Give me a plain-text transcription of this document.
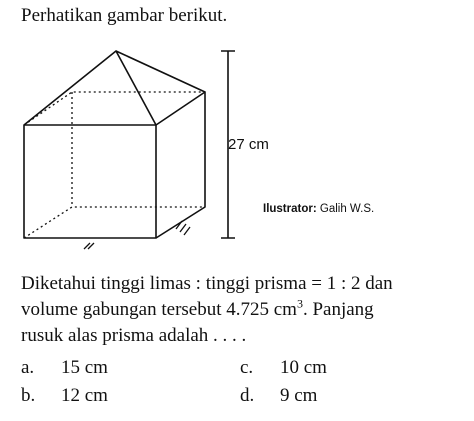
Perhatikan gambar berikut.
27 cm
Ilustrator: Galih W.S.
Diketahui tinggi limas : tinggi prisma = 1 : 2 dan
volume gabungan tersebut 4.725 $cm^3$. Panjang
rusuk alas prisma adalah . . . .
a. 15 cm
b. 12 cm
c. 10 cm
d. 9 cm
